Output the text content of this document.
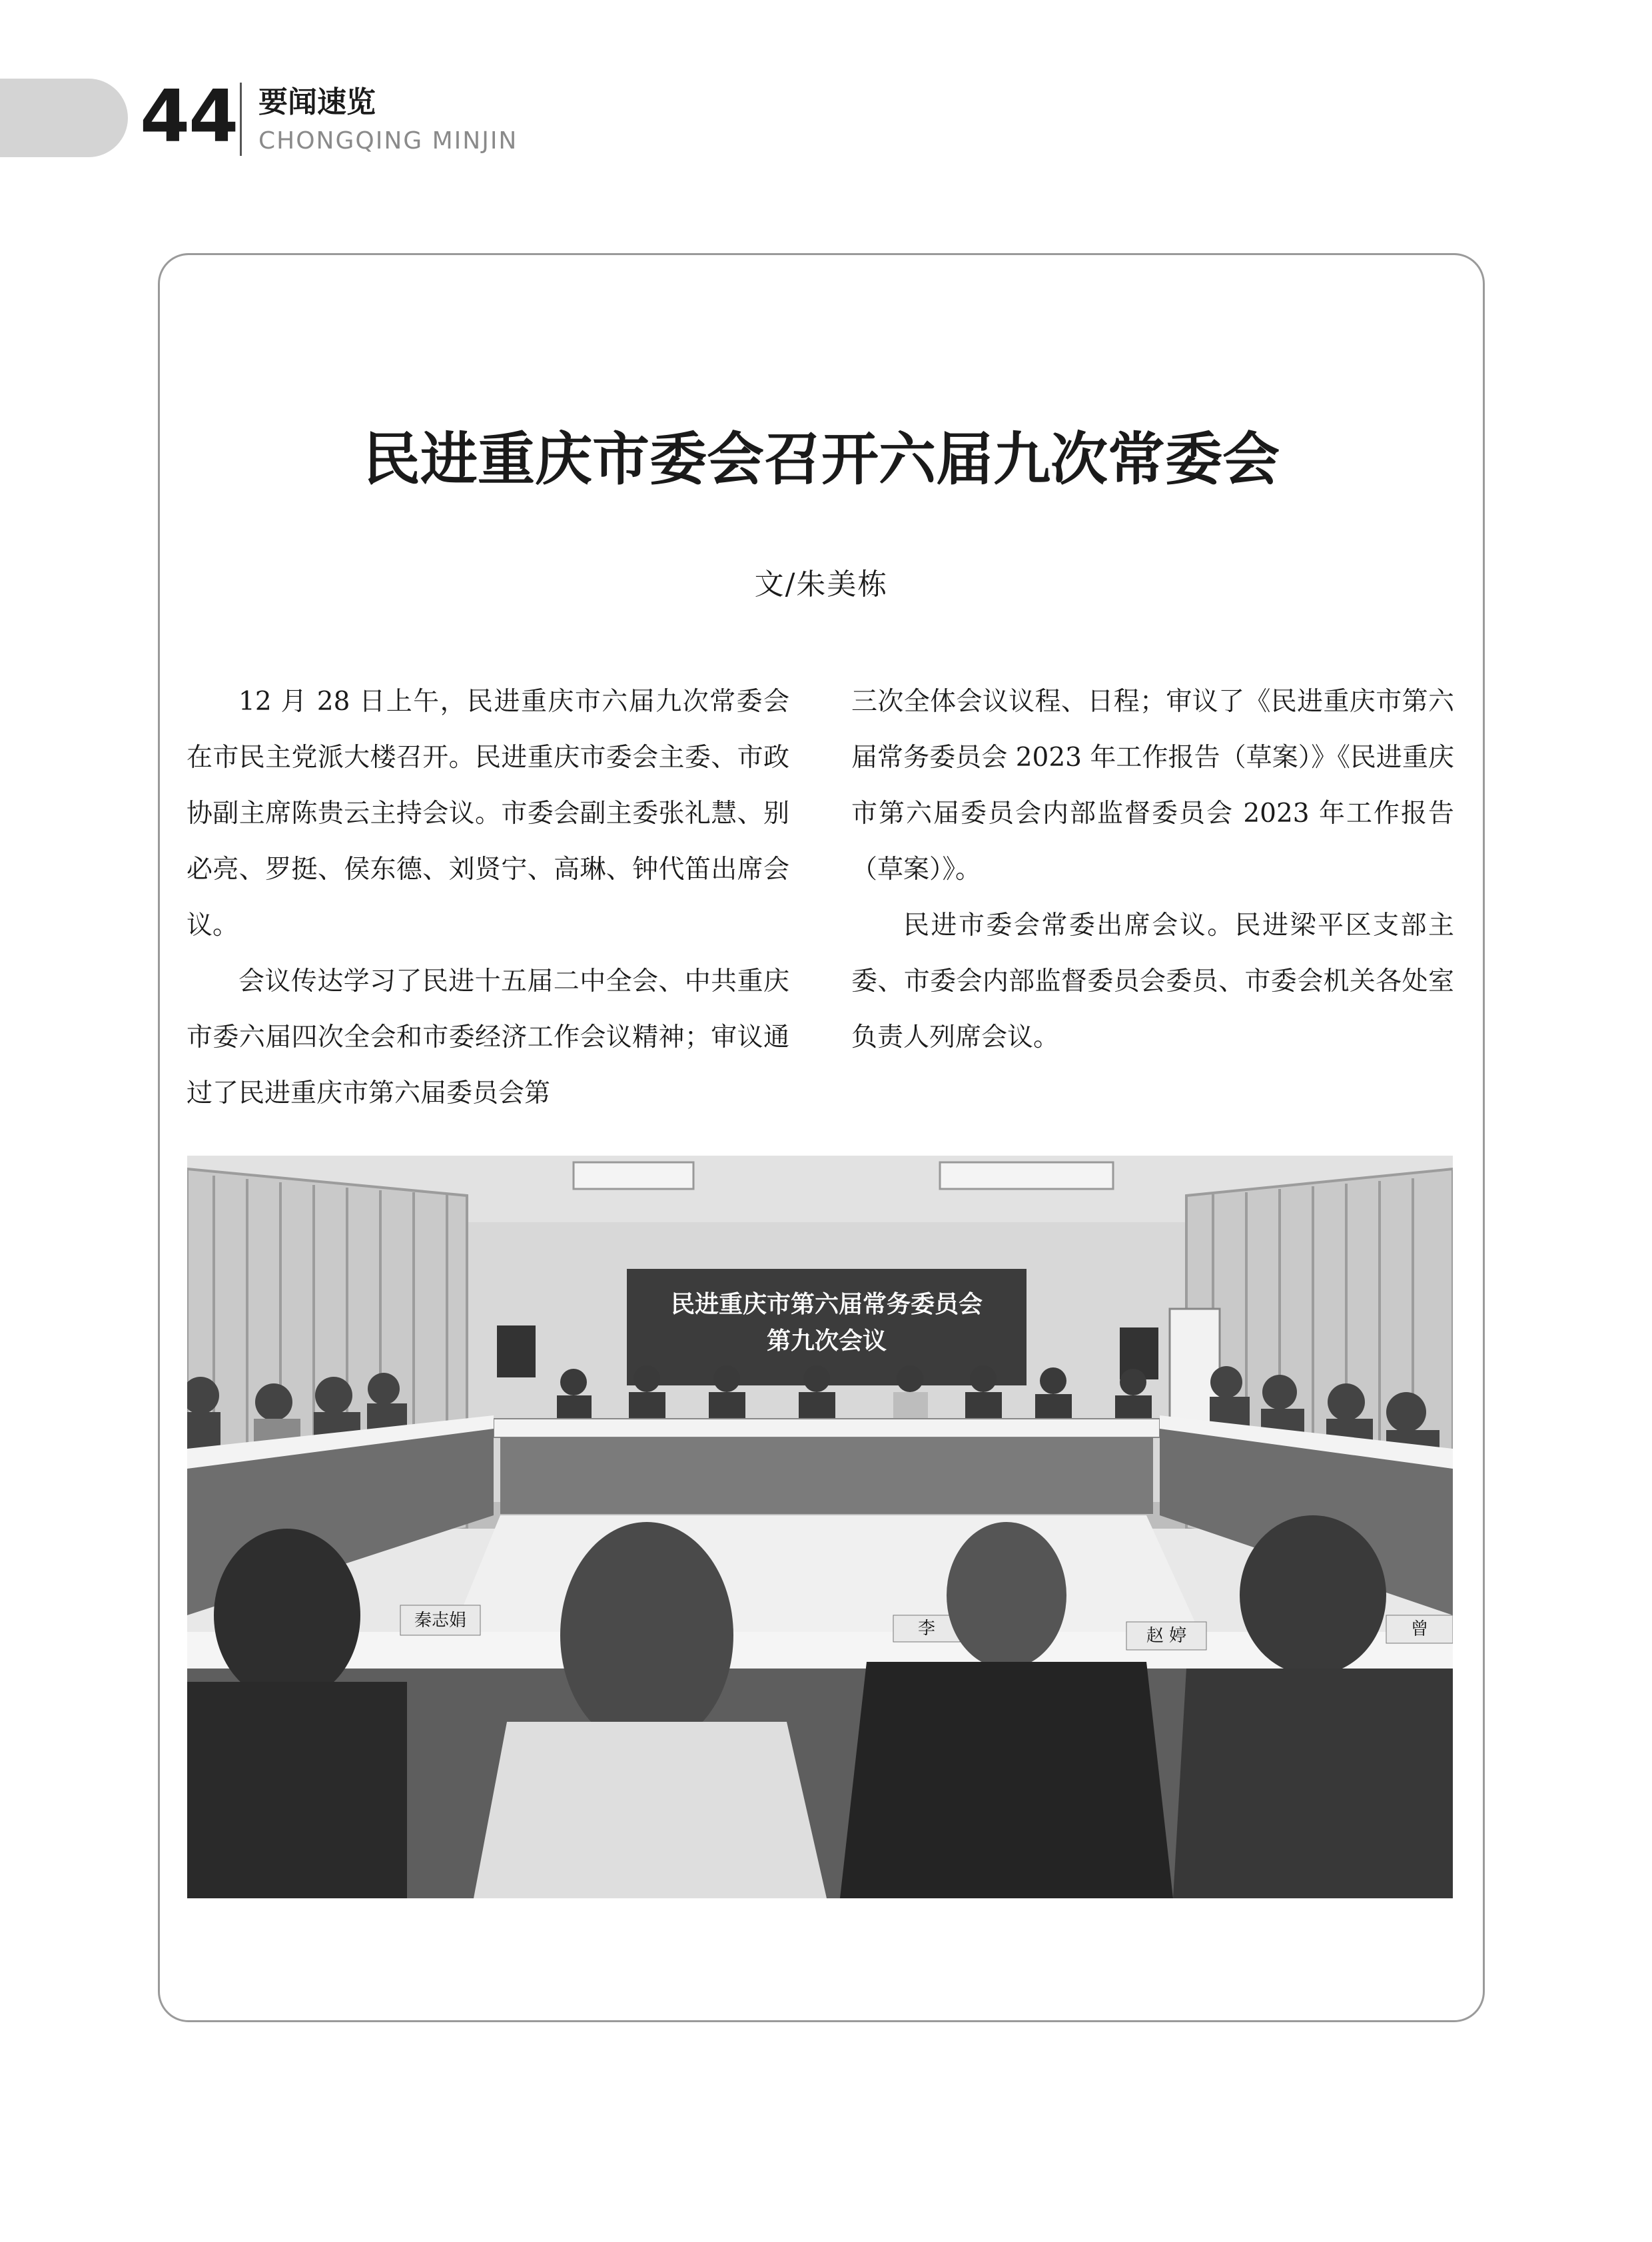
44 要闻速览
CHONGQING MINJIN
民进重庆市委会召开六届九次常委会
文/朱美栋

12 月 28 日上午，民进重庆市六届九次常委会在市民主党派大楼召开。民进重庆市委会主委、市政协副主席陈贵云主持会议。市委会副主委张礼慧、别必亮、罗挺、侯东德、刘贤宁、高琳、钟代笛出席会议。

会议传达学习了民进十五届二中全会、中共重庆市委六届四次全会和市委经济工作会议精神；审议通过了民进重庆市第六届委员会第

三次全体会议议程、日程；审议了《民进重庆市第六届常务委员会 2023 年工作报告（草案）》《民进重庆市第六届委员会内部监督委员会 2023 年工作报告（草案）》。

民进市委会常委出席会议。民进梁平区支部主委、市委会内部监督委员会委员、市委会机关各处室负责人列席会议。

民进重庆市第六届常务委员会
第九次会议
秦志娟	李	赵 婷	曾
